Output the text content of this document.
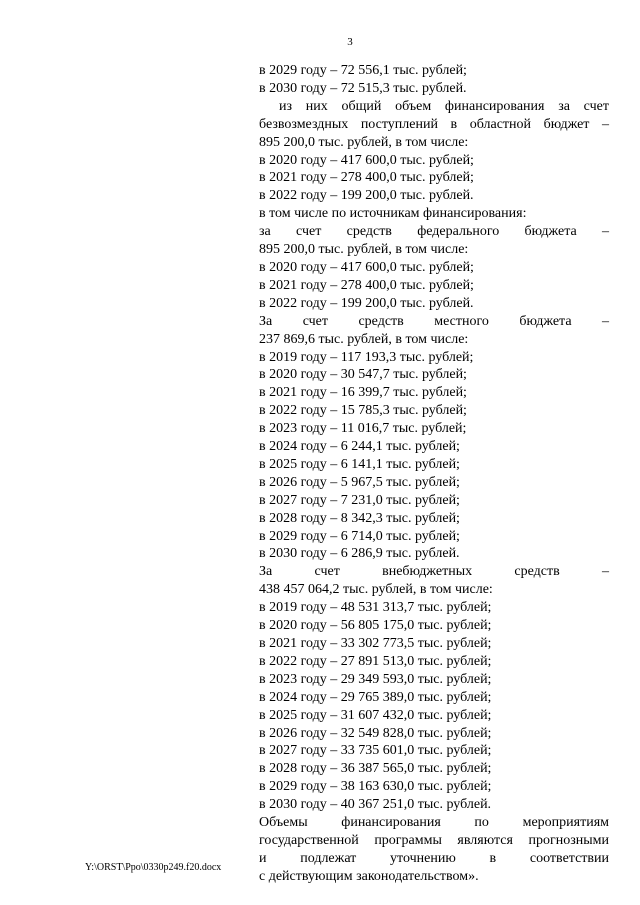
3
в 2029 году – 72 556,1 тыс. рублей;
в 2030 году – 72 515,3 тыс. рублей.
из них общий объем финансирования за счет
безвозмездных поступлений в областной бюджет –
895 200,0 тыс. рублей, в том числе:
в 2020 году – 417 600,0 тыс. рублей;
в 2021 году – 278 400,0 тыс. рублей;
в 2022 году – 199 200,0 тыс. рублей.
в том числе по источникам финансирования:
за счет средств федерального бюджета –
895 200,0 тыс. рублей, в том числе:
в 2020 году – 417 600,0 тыс. рублей;
в 2021 году – 278 400,0 тыс. рублей;
в 2022 году – 199 200,0 тыс. рублей.
За счет средств местного бюджета –
237 869,6 тыс. рублей, в том числе:
в 2019 году – 117 193,3 тыс. рублей;
в 2020 году – 30 547,7 тыс. рублей;
в 2021 году – 16 399,7 тыс. рублей;
в 2022 году – 15 785,3 тыс. рублей;
в 2023 году – 11 016,7 тыс. рублей;
в 2024 году – 6 244,1 тыс. рублей;
в 2025 году – 6 141,1 тыс. рублей;
в 2026 году – 5 967,5 тыс. рублей;
в 2027 году – 7 231,0 тыс. рублей;
в 2028 году – 8 342,3 тыс. рублей;
в 2029 году – 6 714,0 тыс. рублей;
в 2030 году – 6 286,9 тыс. рублей.
За счет внебюджетных средств –
438 457 064,2 тыс. рублей, в том числе:
в 2019 году – 48 531 313,7 тыс. рублей;
в 2020 году – 56 805 175,0 тыс. рублей;
в 2021 году – 33 302 773,5 тыс. рублей;
в 2022 году – 27 891 513,0 тыс. рублей;
в 2023 году – 29 349 593,0 тыс. рублей;
в 2024 году – 29 765 389,0 тыс. рублей;
в 2025 году – 31 607 432,0 тыс. рублей;
в 2026 году – 32 549 828,0 тыс. рублей;
в 2027 году – 33 735 601,0 тыс. рублей;
в 2028 году – 36 387 565,0 тыс. рублей;
в 2029 году – 38 163 630,0 тыс. рублей;
в 2030 году – 40 367 251,0 тыс. рублей.
Объемы финансирования по мероприятиям
государственной программы являются прогнозными
и подлежат уточнению в соответствии
с действующим законодательством».
Y:\ORST\Ppo\0330p249.f20.docx
